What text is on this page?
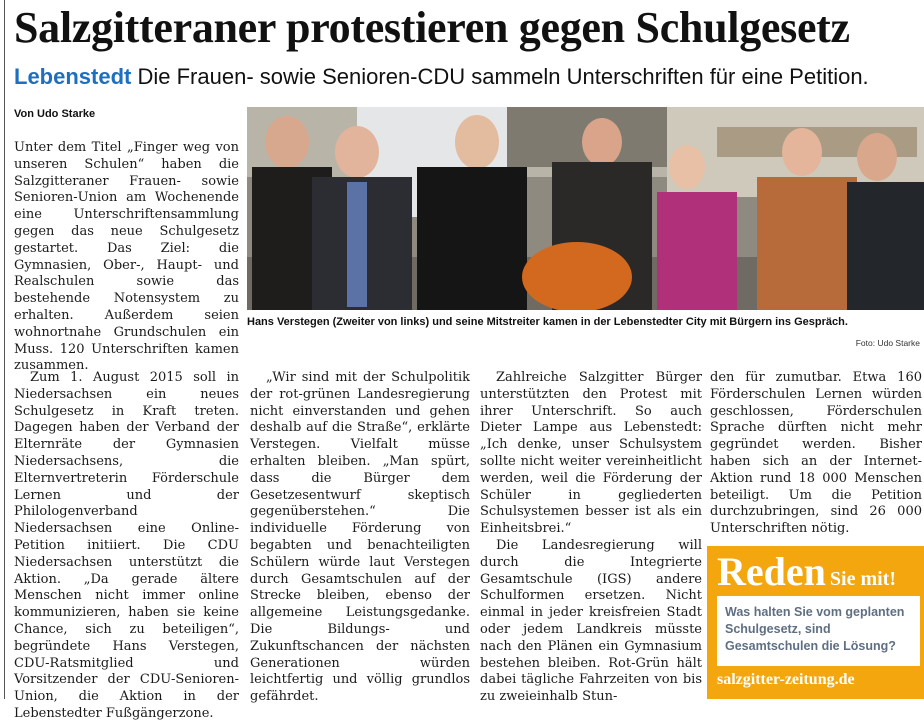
Salzgitteraner protestieren gegen Schulgesetz
Lebenstedt Die Frauen- sowie Senioren-CDU sammeln Unterschriften für eine Petition.
Von Udo Starke

Unter dem Titel „Finger weg von unseren Schulen“ haben die Salzgitteraner Frauen- sowie Senioren-Union am Wochenende eine Unterschriftensammlung gegen das neue Schulgesetz gestartet. Das Ziel: die Gymnasien, Ober-, Haupt- und Realschulen sowie das bestehende Notensystem zu erhalten. Außerdem seien wohnortnahe Grundschulen ein Muss. 120 Unterschriften kamen zusammen.

Zum 1. August 2015 soll in Niedersachsen ein neues Schulgesetz in Kraft treten. Dagegen haben der Verband der Elternräte der Gymnasien Niedersachsens, die Elternvertreterin Förderschule Lernen und der Philologenverband Niedersachsen eine Online-Petition initiiert. Die CDU Niedersachsen unterstützt die Aktion. „Da gerade ältere Menschen nicht immer online kommunizieren, haben sie keine Chance, sich zu beteiligen“, begründete Hans Verstegen, CDU-Ratsmitglied und Vorsitzender der CDU-Senioren-Union, die Aktion in der Lebenstedter Fußgängerzone.

Hans Verstegen (Zweiter von links) und seine Mitstreiter kamen in der Lebenstedter City mit Bürgern ins Gespräch.
Foto: Udo Starke

„Wir sind mit der Schulpolitik der rot-grünen Landesregierung nicht einverstanden und gehen deshalb auf die Straße“, erklärte Verstegen. Vielfalt müsse erhalten bleiben. „Man spürt, dass die Bürger dem Gesetzesentwurf skeptisch gegenüberstehen.“ Die individuelle Förderung von begabten und benachteiligten Schülern würde laut Verstegen durch Gesamtschulen auf der Strecke bleiben, ebenso der allgemeine Leistungsgedanke. Die Bildungs- und Zukunftschancen der nächsten Generationen würden leichtfertig und völlig grundlos gefährdet.

Zahlreiche Salzgitter Bürger unterstützten den Protest mit ihrer Unterschrift. So auch Dieter Lampe aus Lebenstedt: „Ich denke, unser Schulsystem sollte nicht weiter vereinheitlicht werden, weil die Förderung der Schüler in gegliederten Schulsystemen besser ist als ein Einheitsbrei.“

Die Landesregierung will durch die Integrierte Gesamtschule (IGS) andere Schulformen ersetzen. Nicht einmal in jeder kreisfreien Stadt oder jedem Landkreis müsste nach den Plänen ein Gymnasium bestehen bleiben. Rot-Grün hält dabei tägliche Fahrzeiten von bis zu zweieinhalb Stun-

den für zumutbar. Etwa 160 Förderschulen Lernen würden geschlossen, Förderschulen Sprache dürften nicht mehr gegründet werden. Bisher haben sich an der Internet-Aktion rund 18 000 Menschen beteiligt. Um die Petition durchzubringen, sind 26 000 Unterschriften nötig.

Reden Sie mit!
Was halten Sie vom geplanten Schulgesetz, sind Gesamtschulen die Lösung?
salzgitter-zeitung.de
